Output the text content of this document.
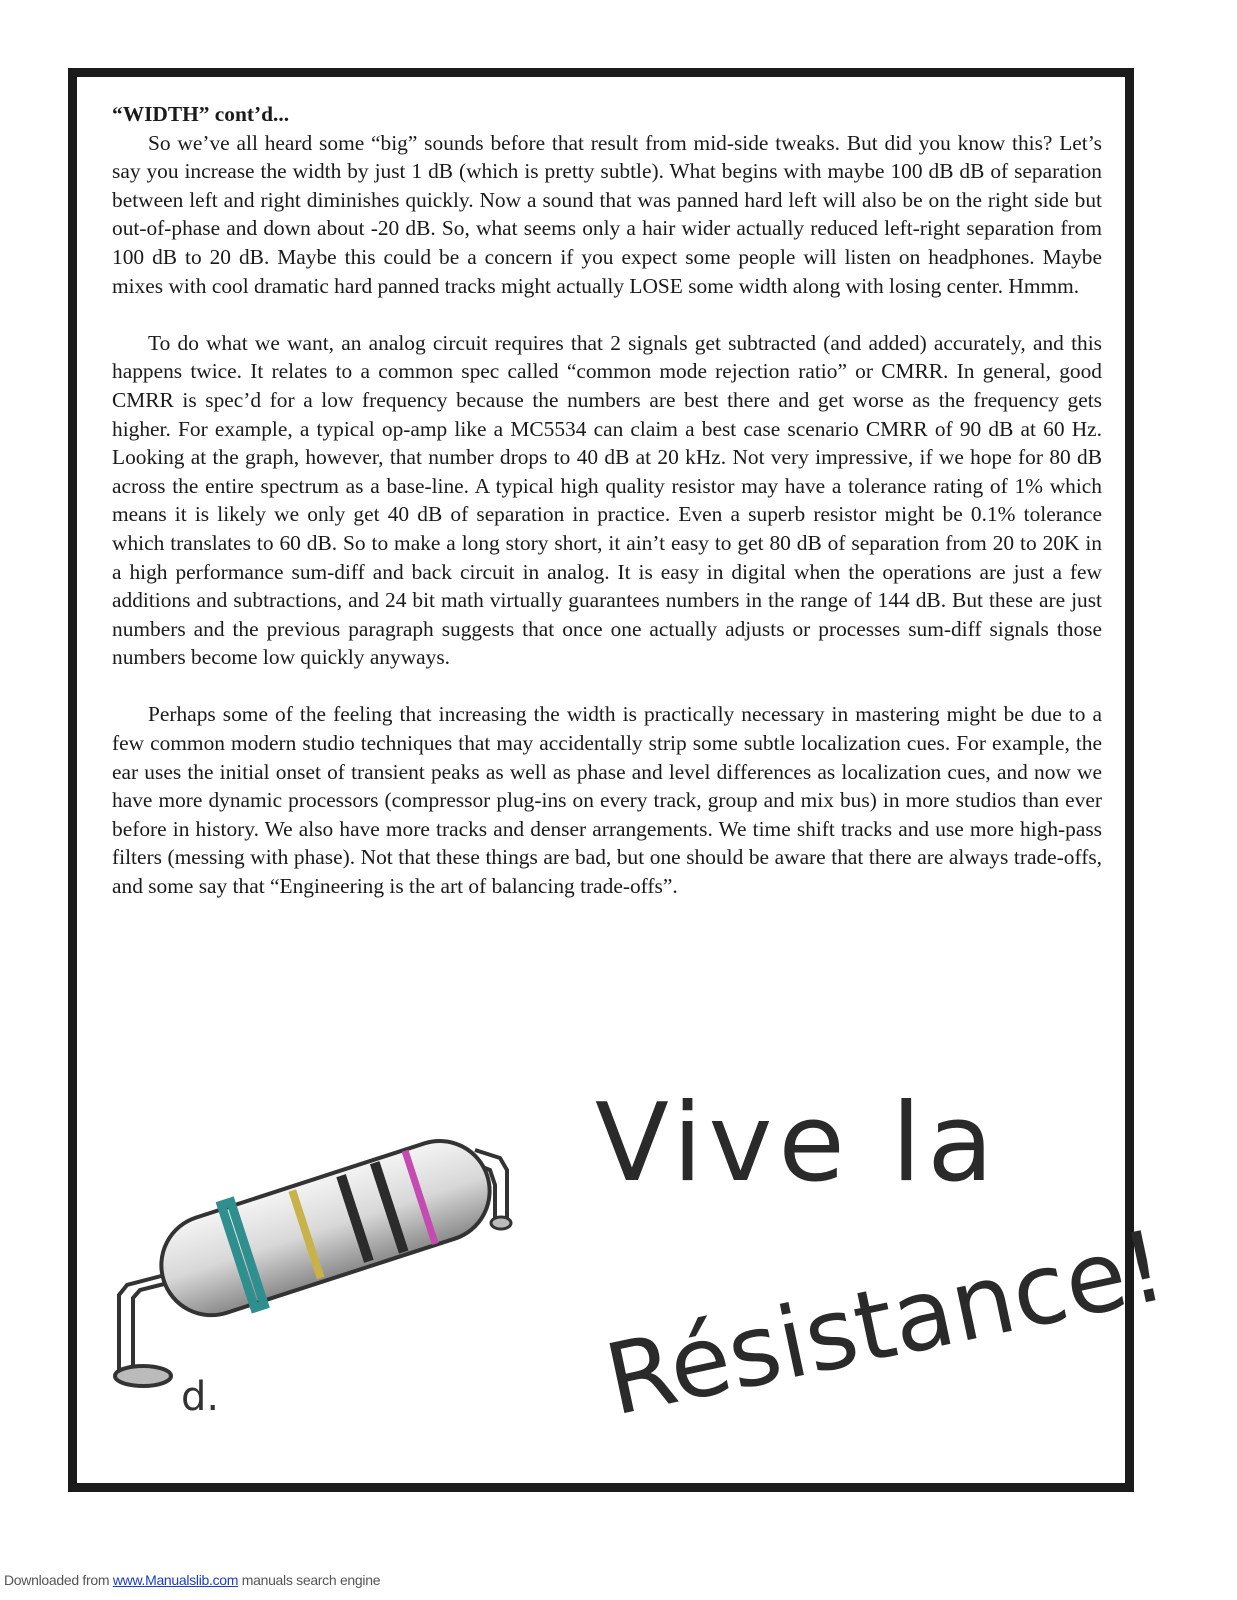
“WIDTH” cont’d...

So we’ve all heard some “big” sounds before that result from mid-side tweaks. But did you know this? Let’s say you increase the width by just 1 dB (which is pretty subtle). What begins with maybe 100 dB dB of separation between left and right diminishes quickly. Now a sound that was panned hard left will also be on the right side but out-of-phase and down about -20 dB. So, what seems only a hair wider actually reduced left-right separation from 100 dB to 20 dB. Maybe this could be a concern if you expect some people will listen on headphones. Maybe mixes with cool dramatic hard panned tracks might actually LOSE some width along with losing center. Hmmm.

To do what we want, an analog circuit requires that 2 signals get subtracted (and added) accurately, and this happens twice. It relates to a common spec called “common mode rejection ratio” or CMRR. In general, good CMRR is spec’d for a low frequency because the numbers are best there and get worse as the frequency gets higher. For example, a typical op-amp like a MC5534 can claim a best case scenario CMRR of 90 dB at 60 Hz. Looking at the graph, however, that number drops to 40 dB at 20 kHz. Not very impressive, if we hope for 80 dB across the entire spectrum as a base-line. A typical high quality resistor may have a tolerance rating of 1% which means it is likely we only get 40 dB of separation in practice. Even a superb resistor might be 0.1% tolerance which translates to 60 dB. So to make a long story short, it ain’t easy to get 80 dB of separation from 20 to 20K in a high performance sum-diff and back circuit in analog. It is easy in digital when the operations are just a few additions and subtractions, and 24 bit math virtually guarantees numbers in the range of 144 dB. But these are just numbers and the previous paragraph suggests that once one actually adjusts or processes sum-diff signals those numbers become low quickly anyways.

Perhaps some of the feeling that increasing the width is practically necessary in mastering might be due to a few common modern studio techniques that may accidentally strip some subtle localization cues. For example, the ear uses the initial onset of transient peaks as well as phase and level differences as localization cues, and now we have more dynamic processors (compressor plug-ins on every track, group and mix bus) in more studios than ever before in history. We also have more tracks and denser arrangements. We time shift tracks and use more high-pass filters (messing with phase). Not that these things are bad, but one should be aware that there are always trade-offs, and some say that “Engineering is the art of balancing trade-offs”.

d.
Vive la
Résistance!
Downloaded from www.Manualslib.com manuals search engine
